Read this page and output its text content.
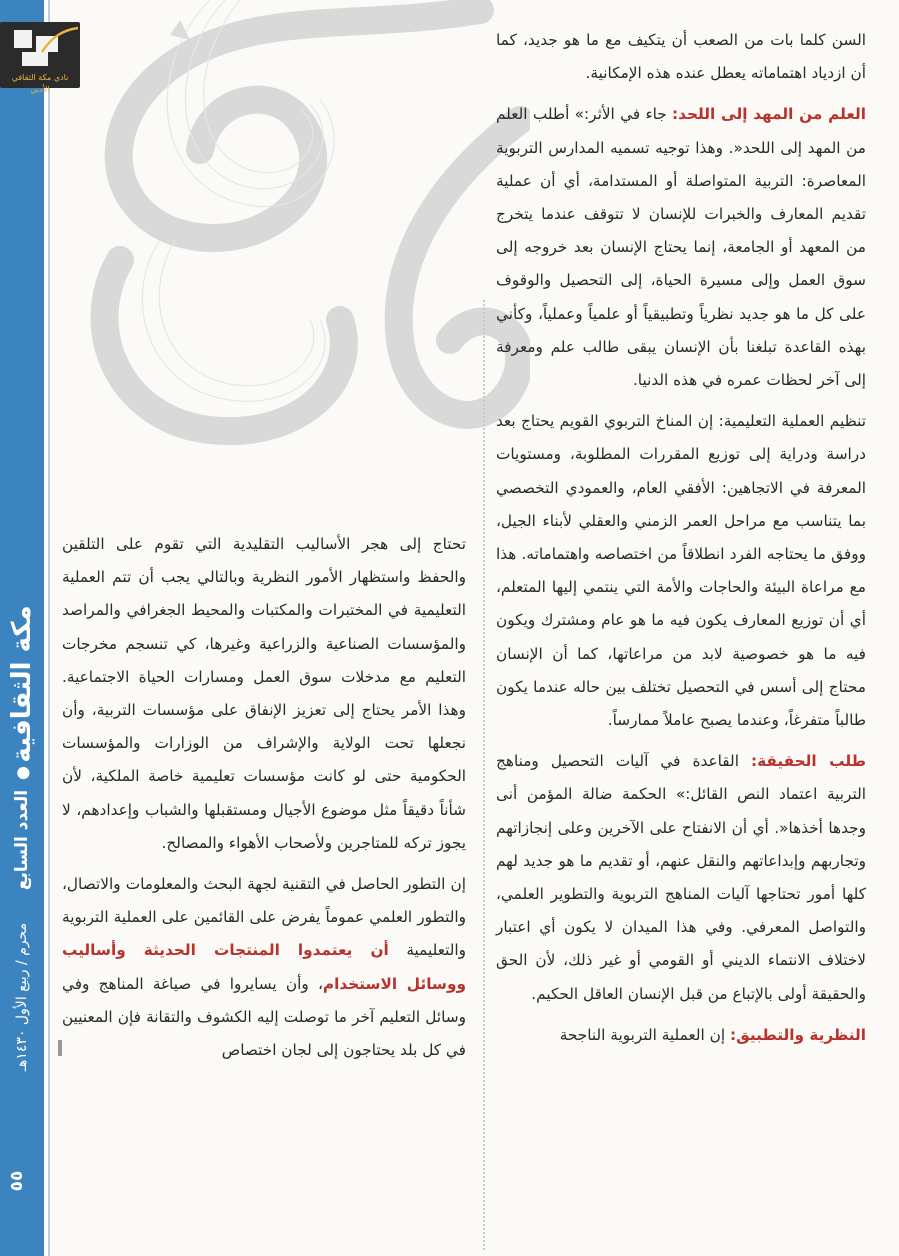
نادي مكة الثقافي الأدبي
مكة الثقافية
●
العدد السابع
محرم / ربيع الأول ١٤٣٠هـ
٥٥

السن كلما بات من الصعب أن يتكيف مع ما هو جديد، كما أن ازدياد اهتماماته يعطل عنده هذه الإمكانية.

العلم من المهد إلى اللحد: جاء في الأثر:» أطلب العلم من المهد إلى اللحد«. وهذا توجيه تسميه المدارس التربوية المعاصرة: التربية المتواصلة أو المستدامة، أي أن عملية تقديم المعارف والخبرات للإنسان لا تتوقف عندما يتخرج من المعهد أو الجامعة، إنما يحتاج الإنسان بعد خروجه إلى سوق العمل وإلى مسيرة الحياة، إلى التحصيل والوقوف على كل ما هو جديد نظرياً وتطبيقياً أو علمياً وعملياً، وكأني بهذه القاعدة تبلغنا بأن الإنسان يبقى طالب علم ومعرفة إلى آخر لحظات عمره في هذه الدنيا.

تنظيم العملية التعليمية: إن المناخ التربوي القويم يحتاج بعد دراسة ودراية إلى توزيع المقررات المطلوبة، ومستويات المعرفة في الاتجاهين: الأفقي العام، والعمودي التخصصي بما يتناسب مع مراحل العمر الزمني والعقلي لأبناء الجيل، ووفق ما يحتاجه الفرد انطلاقاً من اختصاصه واهتماماته. هذا مع مراعاة البيئة والحاجات والأمة التي ينتمي إليها المتعلم، أي أن توزيع المعارف يكون فيه ما هو عام ومشترك ويكون فيه ما هو خصوصية لابد من مراعاتها، كما أن الإنسان محتاج إلى أسس في التحصيل تختلف بين حاله عندما يكون طالباً متفرغاً، وعندما يصبح عاملاً ممارساً.

طلب الحقيقة: القاعدة في آليات التحصيل ومناهج التربية اعتماد النص القائل:» الحكمة ضالة المؤمن أنى وجدها أخذها«. أي أن الانفتاح على الآخرين وعلى إنجازاتهم وتجاربهم وإبداعاتهم والنقل عنهم، أو تقديم ما هو جديد لهم كلها أمور تحتاجها آليات المناهج التربوية والتطوير العلمي، والتواصل المعرفي. وفي هذا الميدان لا يكون أي اعتبار لاختلاف الانتماء الديني أو القومي أو غير ذلك، لأن الحق والحقيقة أولى بالإتباع من قبل الإنسان العاقل الحكيم.

النظرية والتطبيق: إن العملية التربوية الناجحة

تحتاج إلى هجر الأساليب التقليدية التي تقوم على التلقين والحفظ واستظهار الأمور النظرية وبالتالي يجب أن تتم العملية التعليمية في المختبرات والمكتبات والمحيط الجغرافي والمراصد والمؤسسات الصناعية والزراعية وغيرها، كي تنسجم مخرجات التعليم مع مدخلات سوق العمل ومسارات الحياة الاجتماعية. وهذا الأمر يحتاج إلى تعزيز الإنفاق على مؤسسات التربية، وأن نجعلها تحت الولاية والإشراف من الوزارات والمؤسسات الحكومية حتى لو كانت مؤسسات تعليمية خاصة الملكية، لأن شأناً دقيقاً مثل موضوع الأجيال ومستقبلها والشباب وإعدادهم، لا يجوز تركه للمتاجرين ولأصحاب الأهواء والمصالح.

إن التطور الحاصل في التقنية لجهة البحث والمعلومات والاتصال، والتطور العلمي عموماً يفرض على القائمين على العملية التربوية والتعليمية أن يعتمدوا المنتجات الحديثة وأساليب ووسائل الاستخدام، وأن يسايروا في صياغة المناهج وفي وسائل التعليم آخر ما توصلت إليه الكشوف والتقانة فإن المعنيين في كل بلد يحتاجون إلى لجان اختصاص
